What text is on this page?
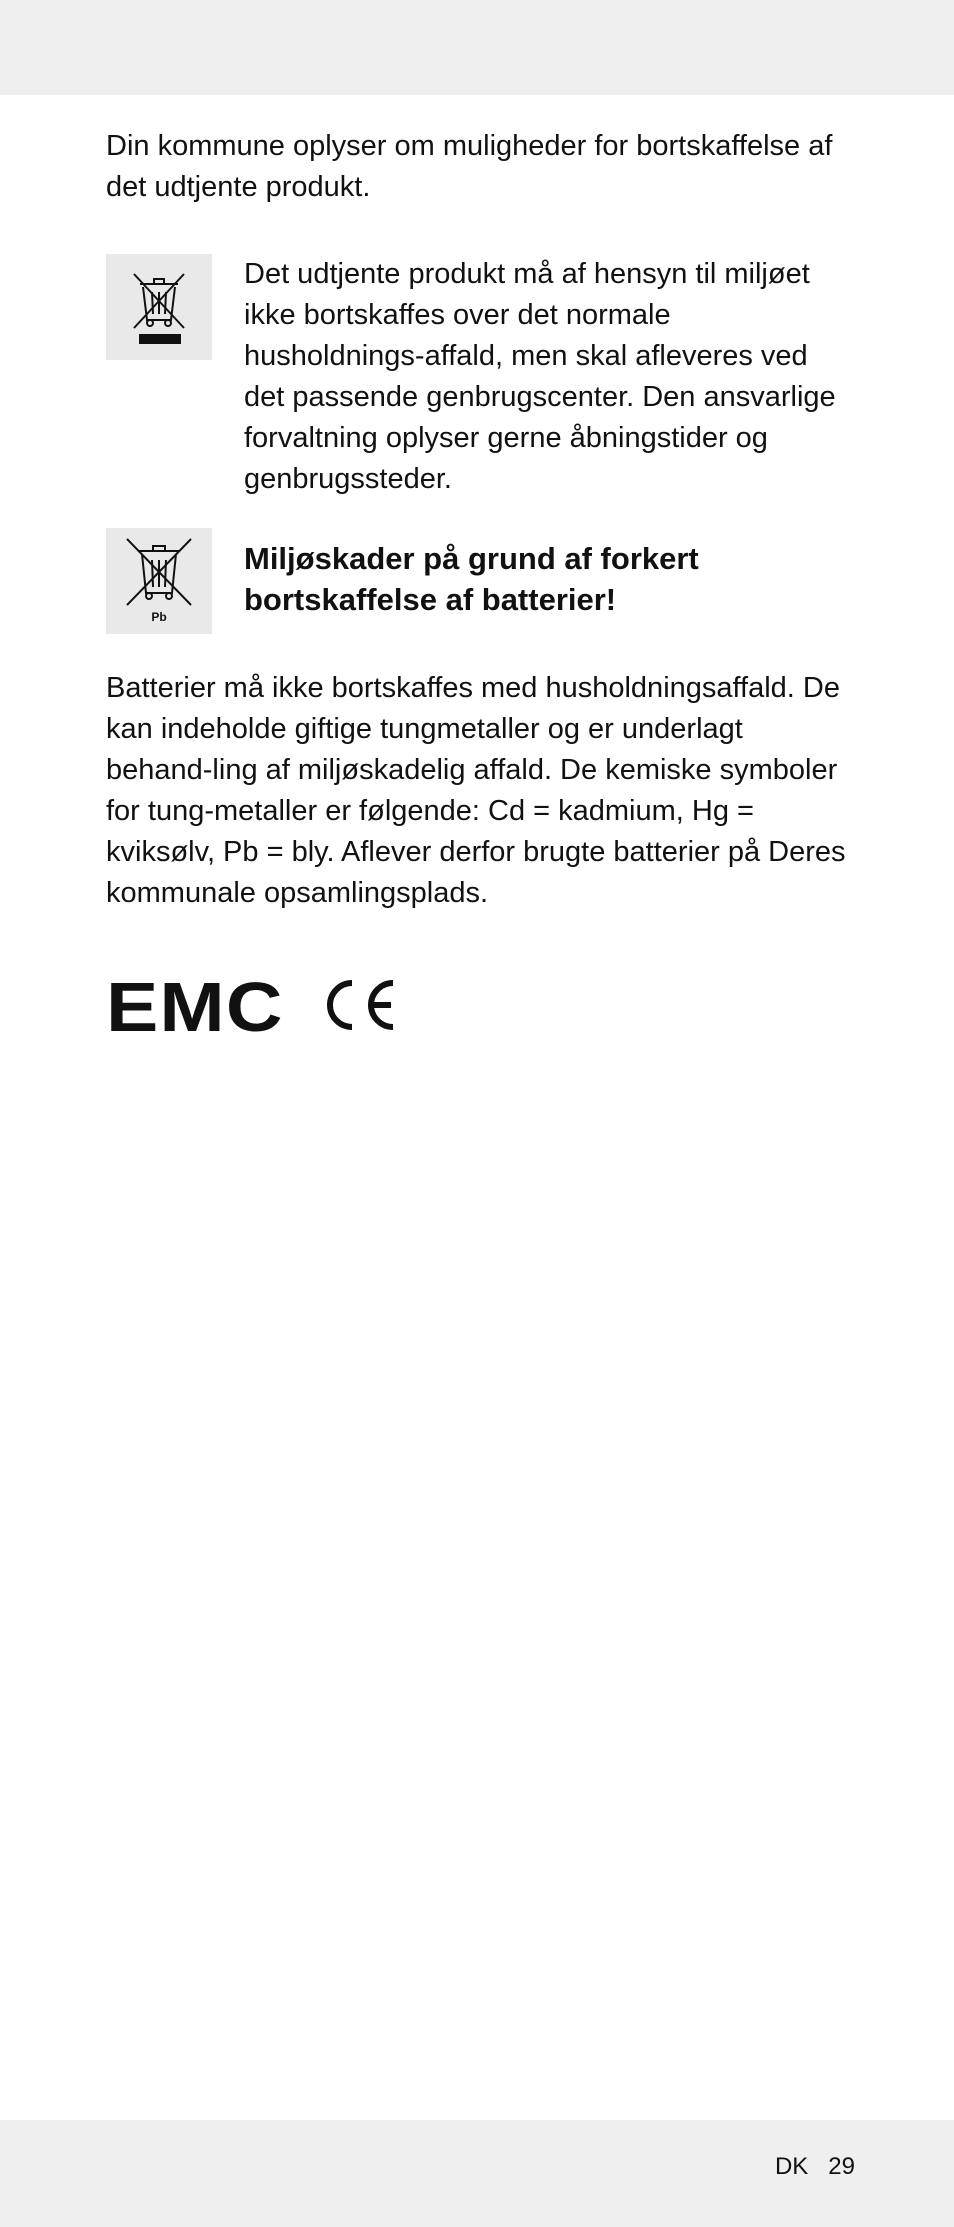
Din kommune oplyser om muligheder for bortskaffelse af det udtjente produkt.

Det udtjente produkt må af hensyn til miljøet ikke bortskaffes over det normale husholdnings-affald, men skal afleveres ved det passende genbrugscenter. Den ansvarlige forvaltning oplyser gerne åbningstider og genbrugssteder.

Pb

Miljøskader på grund af forkert bortskaffelse af batterier!

Batterier må ikke bortskaffes med husholdningsaffald. De kan indeholde giftige tungmetaller og er underlagt behand-ling af miljøskadelig affald. De kemiske symboler for tung-metaller er følgende: Cd = kadmium, Hg = kviksølv, Pb = bly. Aflever derfor brugte batterier på Deres kommunale opsamlingsplads.

EMC
DK 29
